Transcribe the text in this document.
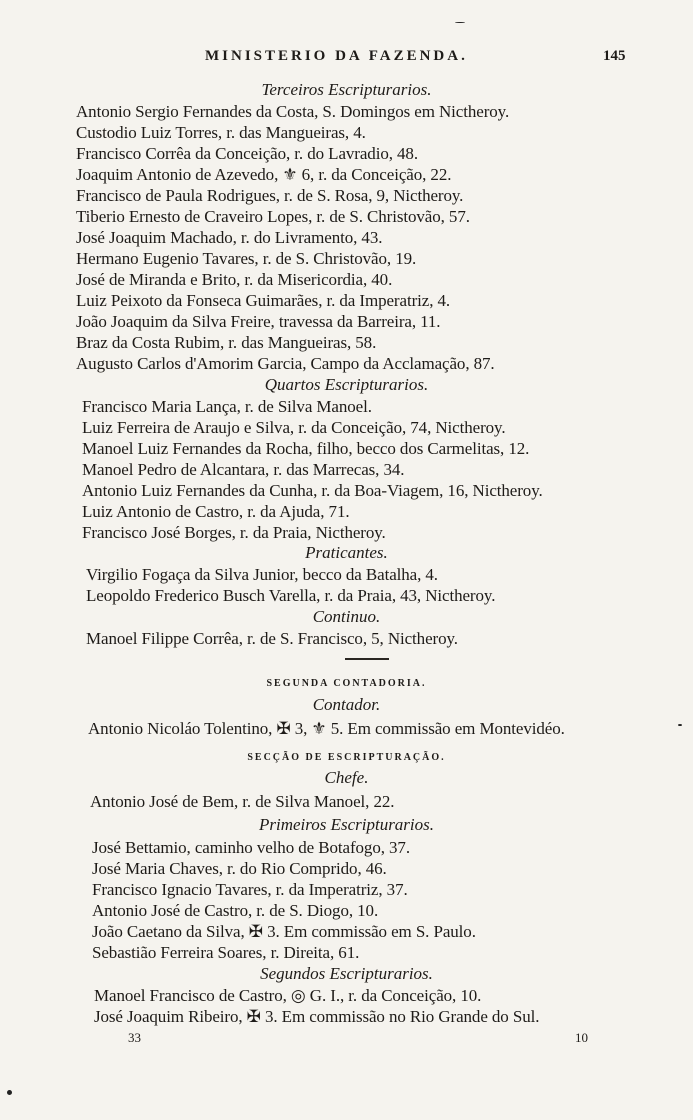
MINISTERIO DA FAZENDA.	145
Terceiros Escripturarios.
Antonio Sergio Fernandes da Costa, S. Domingos em Nictheroy.
Custodio Luiz Torres, r. das Mangueiras, 4.
Francisco Corrêa da Conceição, r. do Lavradio, 48.
Joaquim Antonio de Azevedo, ⚜ 6, r. da Conceição, 22.
Francisco de Paula Rodrigues, r. de S. Rosa, 9, Nictheroy.
Tiberio Ernesto de Craveiro Lopes, r. de S. Christovão, 57.
José Joaquim Machado, r. do Livramento, 43.
Hermano Eugenio Tavares, r. de S. Christovão, 19.
José de Miranda e Brito, r. da Misericordia, 40.
Luiz Peixoto da Fonseca Guimarães, r. da Imperatriz, 4.
João Joaquim da Silva Freire, travessa da Barreira, 11.
Braz da Costa Rubim, r. das Mangueiras, 58.
Augusto Carlos d'Amorim Garcia, Campo da Acclamação, 87.
Quartos Escripturarios.
Francisco Maria Lança, r. de Silva Manoel.
Luiz Ferreira de Araujo e Silva, r. da Conceição, 74, Nictheroy.
Manoel Luiz Fernandes da Rocha, filho, becco dos Carmelitas, 12.
Manoel Pedro de Alcantara, r. das Marrecas, 34.
Antonio Luiz Fernandes da Cunha, r. da Boa-Viagem, 16, Nictheroy.
Luiz Antonio de Castro, r. da Ajuda, 71.
Francisco José Borges, r. da Praia, Nictheroy.
Praticantes.
Virgilio Fogaça da Silva Junior, becco da Batalha, 4.
Leopoldo Frederico Busch Varella, r. da Praia, 43, Nictheroy.
Continuo.
Manoel Filippe Corrêa, r. de S. Francisco, 5, Nictheroy.
SEGUNDA CONTADORIA.
Contador.
Antonio Nicoláo Tolentino, ✠ 3, ⚜ 5. Em commissão em Montevidéo.
SECÇÃO DE ESCRIPTURAÇÃO.
Chefe.
Antonio José de Bem, r. de Silva Manoel, 22.
Primeiros Escripturarios.
José Bettamio, caminho velho de Botafogo, 37.
José Maria Chaves, r. do Rio Comprido, 46.
Francisco Ignacio Tavares, r. da Imperatriz, 37.
Antonio José de Castro, r. de S. Diogo, 10.
João Caetano da Silva, ✠ 3. Em commissão em S. Paulo.
Sebastião Ferreira Soares, r. Direita, 61.
Segundos Escripturarios.
Manoel Francisco de Castro, ◎ G. I., r. da Conceição, 10.
José Joaquim Ribeiro, ✠ 3. Em commissão no Rio Grande do Sul.
33	10
